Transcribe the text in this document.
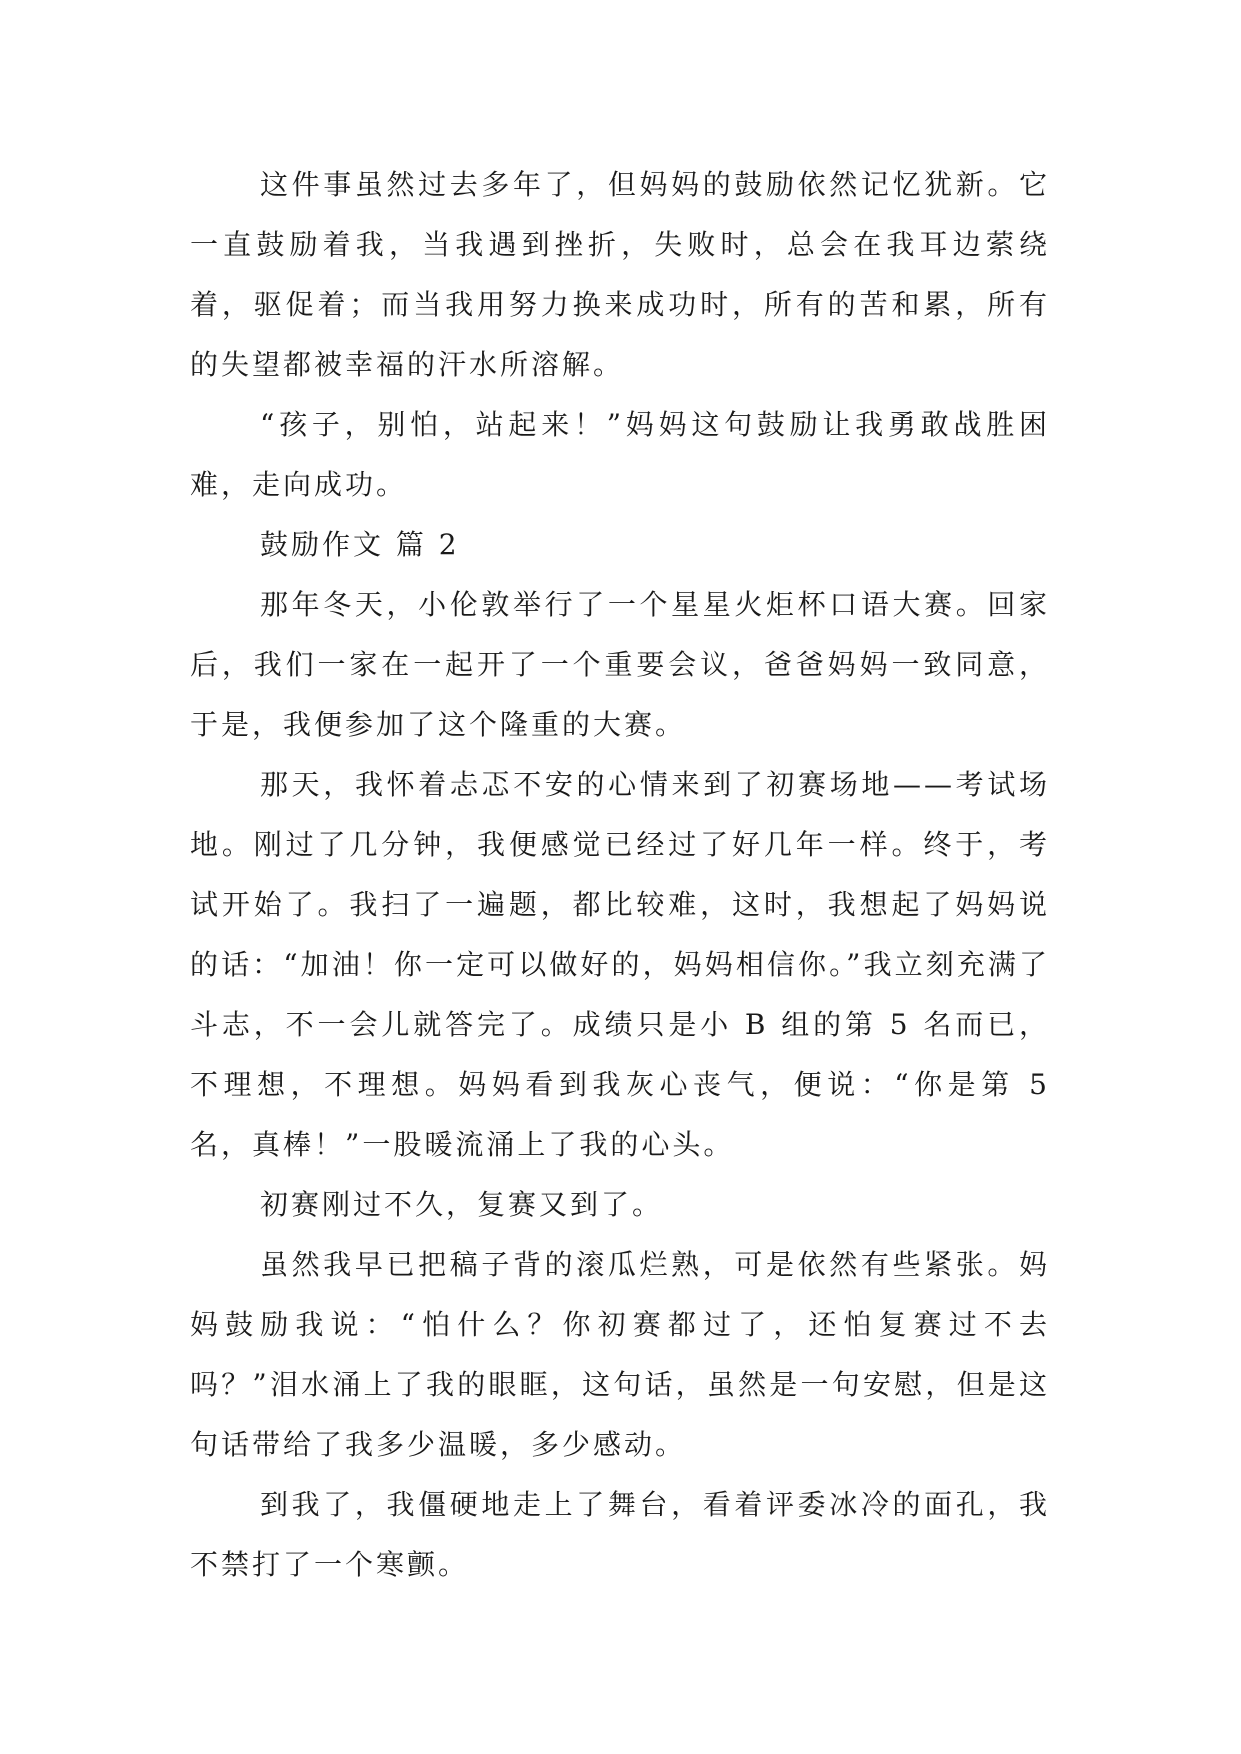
这件事虽然过去多年了，但妈妈的鼓励依然记忆犹新。它一直鼓励着我，当我遇到挫折，失败时，总会在我耳边萦绕着，驱促着；而当我用努力换来成功时，所有的苦和累，所有的失望都被幸福的汗水所溶解。

“孩子，别怕，站起来！”妈妈这句鼓励让我勇敢战胜困难，走向成功。

鼓励作文 篇 2

那年冬天，小伦敦举行了一个星星火炬杯口语大赛。回家后，我们一家在一起开了一个重要会议，爸爸妈妈一致同意，于是，我便参加了这个隆重的大赛。

那天，我怀着忐忑不安的心情来到了初赛场地——考试场地。刚过了几分钟，我便感觉已经过了好几年一样。终于，考试开始了。我扫了一遍题，都比较难，这时，我想起了妈妈说的话：“加油！你一定可以做好的，妈妈相信你。”我立刻充满了斗志，不一会儿就答完了。成绩只是小 B 组的第 5 名而已，不理想，不理想。妈妈看到我灰心丧气，便说：“你是第 5 名，真棒！”一股暖流涌上了我的心头。

初赛刚过不久，复赛又到了。

虽然我早已把稿子背的滚瓜烂熟，可是依然有些紧张。妈妈鼓励我说：“怕什么？你初赛都过了，还怕复赛过不去吗？”泪水涌上了我的眼眶，这句话，虽然是一句安慰，但是这句话带给了我多少温暖，多少感动。

到我了，我僵硬地走上了舞台，看着评委冰冷的面孔，我不禁打了一个寒颤。
